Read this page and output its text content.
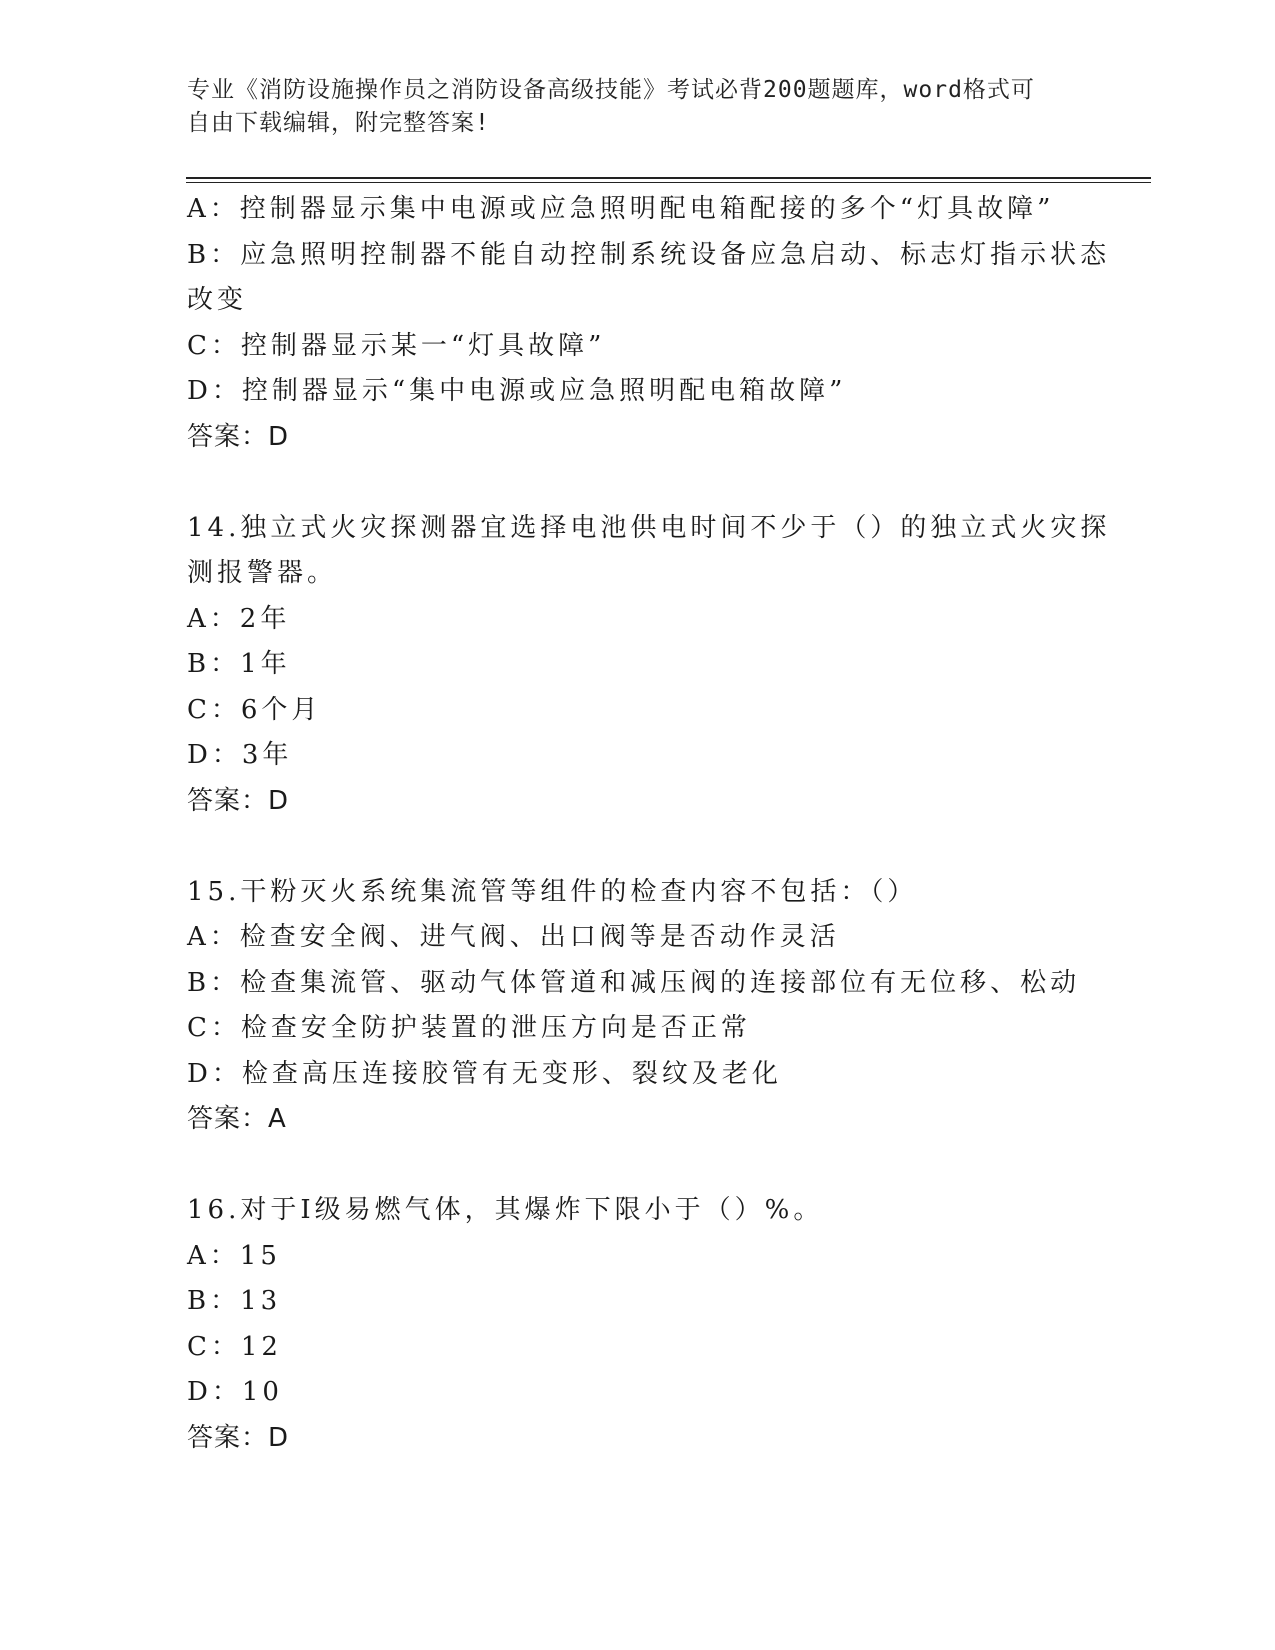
专业《消防设施操作员之消防设备高级技能》考试必背200题题库，word格式可
自由下载编辑，附完整答案!
A：控制器显示集中电源或应急照明配电箱配接的多个“灯具故障”
B：应急照明控制器不能自动控制系统设备应急启动、标志灯指示状态
改变
C：控制器显示某一“灯具故障”
D：控制器显示“集中电源或应急照明配电箱故障”
答案：D
14.独立式火灾探测器宜选择电池供电时间不少于（）的独立式火灾探
测报警器。
A：2年
B：1年
C：6个月
D：3年
答案：D
15.干粉灭火系统集流管等组件的检查内容不包括：（）
A：检查安全阀、进气阀、出口阀等是否动作灵活
B：检查集流管、驱动气体管道和减压阀的连接部位有无位移、松动
C：检查安全防护装置的泄压方向是否正常
D：检查高压连接胶管有无变形、裂纹及老化
答案：A
16.对于Ⅰ级易燃气体，其爆炸下限小于（）%。
A：15
B：13
C：12
D：10
答案：D
